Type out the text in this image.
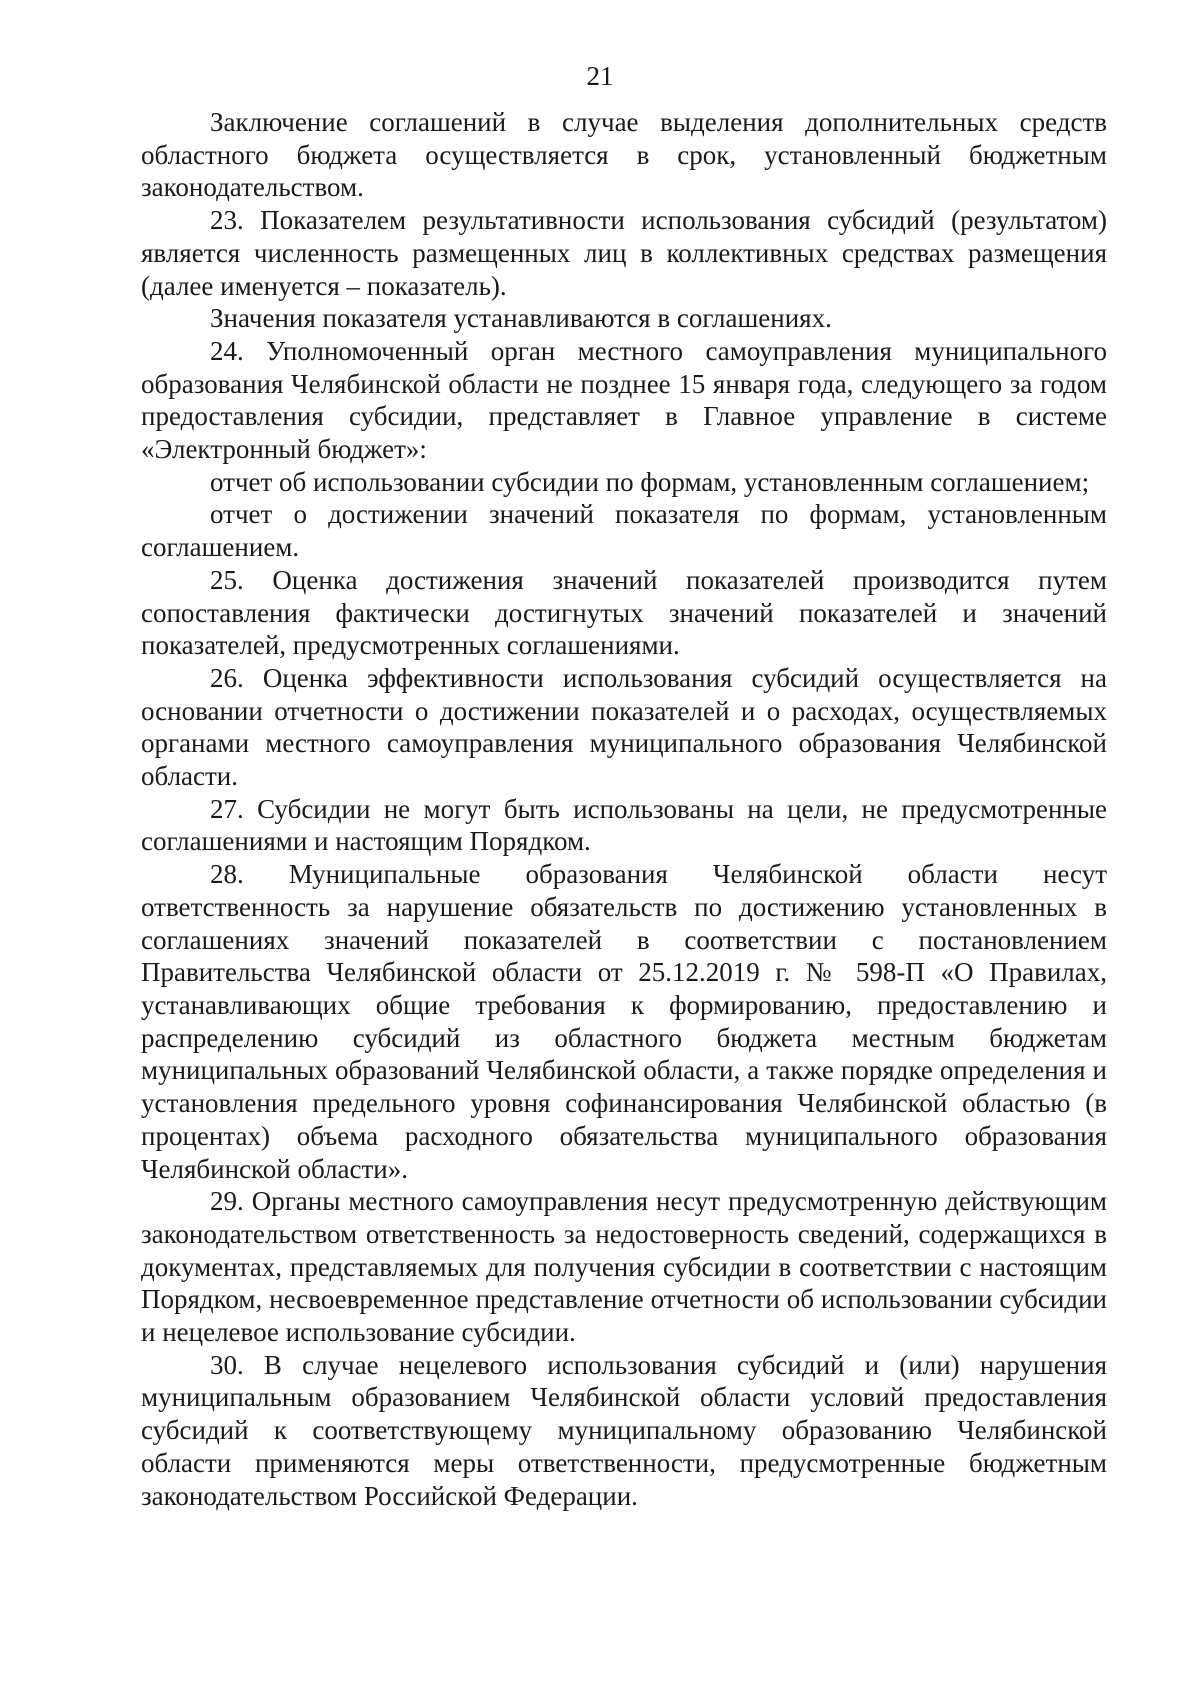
21

Заключение соглашений в случае выделения дополнительных средств областного бюджета осуществляется в срок, установленный бюджетным законодательством.

23. Показателем результативности использования субсидий (результатом) является численность размещенных лиц в коллективных средствах размещения (далее именуется – показатель).

Значения показателя устанавливаются в соглашениях.

24. Уполномоченный орган местного самоуправления муниципального образования Челябинской области не позднее 15 января года, следующего за годом предоставления субсидии, представляет в Главное управление в системе «Электронный бюджет»:

отчет об использовании субсидии по формам, установленным соглашением;

отчет о достижении значений показателя по формам, установленным соглашением.

25. Оценка достижения значений показателей производится путем сопоставления фактически достигнутых значений показателей и значений показателей, предусмотренных соглашениями.

26. Оценка эффективности использования субсидий осуществляется на основании отчетности о достижении показателей и о расходах, осуществляемых органами местного самоуправления муниципального образования Челябинской области.

27. Субсидии не могут быть использованы на цели, не предусмотренные соглашениями и настоящим Порядком.

28. Муниципальные образования Челябинской области несут ответственность за нарушение обязательств по достижению установленных в соглашениях значений показателей в соответствии с постановлением Правительства Челябинской области от 25.12.2019 г. № 598-П «О Правилах, устанавливающих общие требования к формированию, предоставлению и распределению субсидий из областного бюджета местным бюджетам муниципальных образований Челябинской области, а также порядке определения и установления предельного уровня софинансирования Челябинской областью (в процентах) объема расходного обязательства муниципального образования Челябинской области».

29. Органы местного самоуправления несут предусмотренную действующим законодательством ответственность за недостоверность сведений, содержащихся в документах, представляемых для получения субсидии в соответствии с настоящим Порядком, несвоевременное представление отчетности об использовании субсидии и нецелевое использование субсидии.

30. В случае нецелевого использования субсидий и (или) нарушения муниципальным образованием Челябинской области условий предоставления субсидий к соответствующему муниципальному образованию Челябинской области применяются меры ответственности, предусмотренные бюджетным законодательством Российской Федерации.
